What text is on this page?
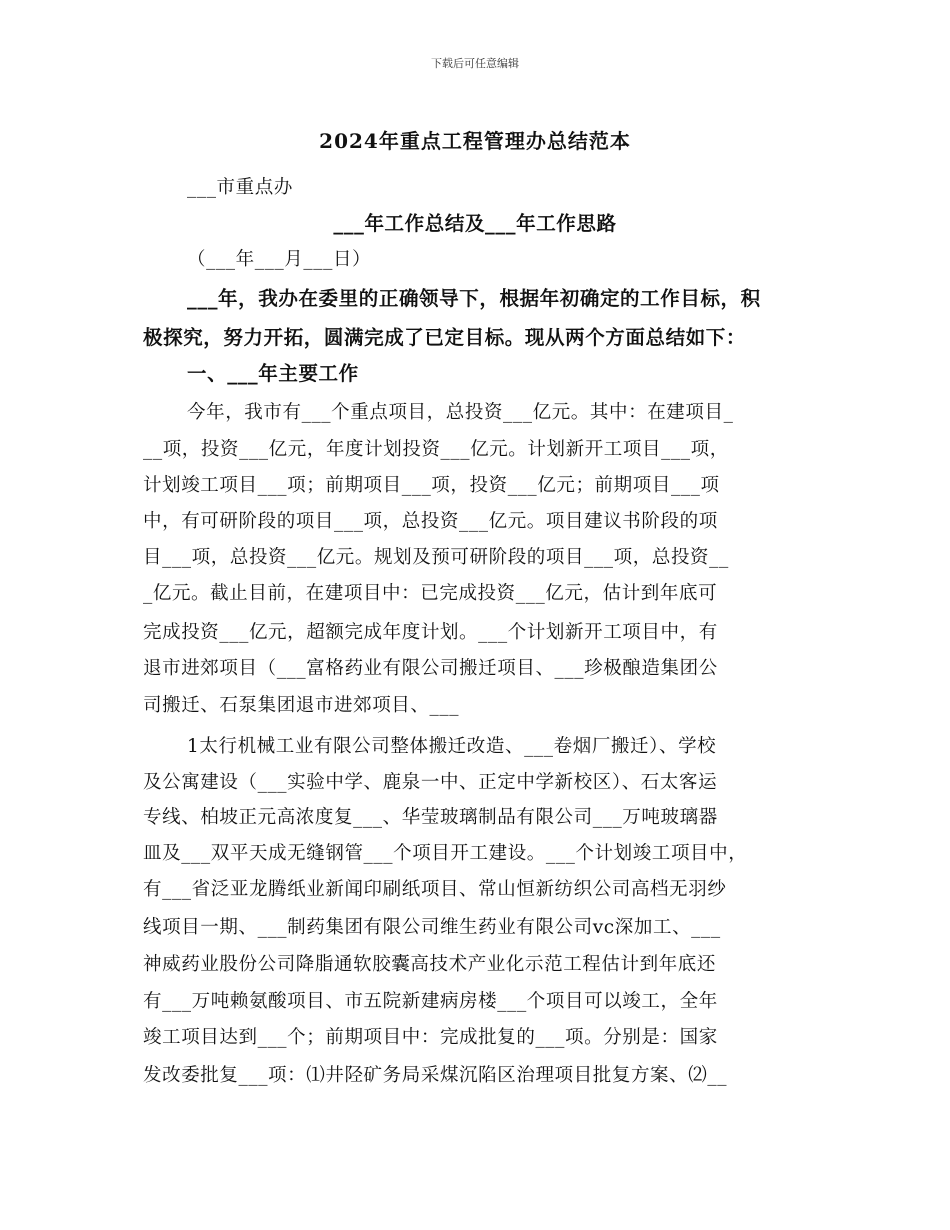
下载后可任意编辑
2024年重点工程管理办总结范本
___市重点办
___年工作总结及___年工作思路
（___年___月___日）
___年，我办在委里的正确领导下，根据年初确定的工作目标，积
极探究，努力开拓，圆满完成了已定目标。现从两个方面总结如下：
一、___年主要工作
今年，我市有___个重点项目，总投资___亿元。其中：在建项目_
__项，投资___亿元，年度计划投资___亿元。计划新开工项目___项，
计划竣工项目___项；前期项目___项，投资___亿元；前期项目___项
中，有可研阶段的项目___项，总投资___亿元。项目建议书阶段的项
目___项，总投资___亿元。规划及预可研阶段的项目___项，总投资__
_亿元。截止目前，在建项目中：已完成投资___亿元，估计到年底可
完成投资___亿元，超额完成年度计划。___个计划新开工项目中，有
退市进郊项目（___富格药业有限公司搬迁项目、___珍极酿造集团公
司搬迁、石泵集团退市进郊项目、___
1太行机械工业有限公司整体搬迁改造、___卷烟厂搬迁）、学校
及公寓建设（___实验中学、鹿泉一中、正定中学新校区）、石太客运
专线、柏坡正元高浓度复___、华莹玻璃制品有限公司___万吨玻璃器
皿及___双平天成无缝钢管___个项目开工建设。___个计划竣工项目中，
有___省泛亚龙腾纸业新闻印刷纸项目、常山恒新纺织公司高档无羽纱
线项目一期、___制药集团有限公司维生药业有限公司vc深加工、___
神威药业股份公司降脂通软胶囊高技术产业化示范工程估计到年底还
有___万吨赖氨酸项目、市五院新建病房楼___个项目可以竣工，全年
竣工项目达到___个；前期项目中：完成批复的___项。分别是：国家
发改委批复___项：⑴井陉矿务局采煤沉陷区治理项目批复方案、⑵__
